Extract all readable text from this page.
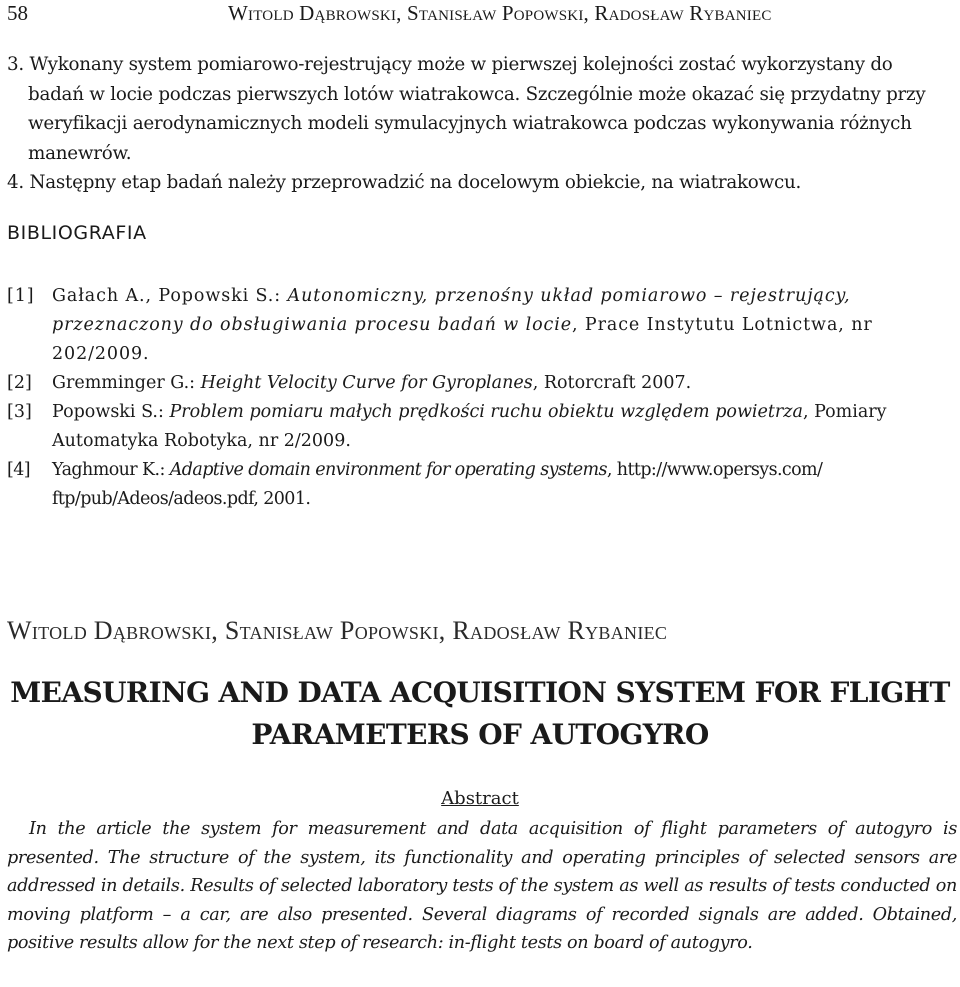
58	Witold Dąbrowski, Stanisław Popowski, Radosław Rybaniec

3. Wykonany system pomiarowo-rejestrujący może w pierwszej kolejności zostać wykorzystany do badań w locie podczas pierwszych lotów wiatrakowca. Szczególnie może okazać się przydatny przy weryfikacji aerodynamicznych modeli symulacyjnych wiatrakowca podczas wykonywania różnych manewrów.

4. Następny etap badań należy przeprowadzić na docelowym obiekcie, na wiatrakowcu.

BIBLIOGRAFIA
[1] Gałach A., Popowski S.: Autonomiczny, przenośny układ pomiarowo – rejestrujący, przeznaczony do obsługiwania procesu badań w locie, Prace Instytutu Lotnictwa, nr 202/2009.
[2] Gremminger G.: Height Velocity Curve for Gyroplanes, Rotorcraft 2007.
[3] Popowski S.: Problem pomiaru małych prędkości ruchu obiektu względem powietrza, Pomiary Automatyka Robotyka, nr 2/2009.
[4] Yaghmour K.: Adaptive domain environment for operating systems, http://www.opersys.com/ ftp/pub/Adeos/adeos.pdf, 2001.
Witold Dąbrowski, Stanisław Popowski, Radosław Rybaniec
MEASURING AND DATA ACQUISITION SYSTEM FOR FLIGHT PARAMETERS OF AUTOGYRO
Abstract

In the article the system for measurement and data acquisition of flight parameters of autogyro is presented. The structure of the system, its functionality and operating principles of selected sensors are addressed in details. Results of selected laboratory tests of the system as well as results of tests conducted on moving platform – a car, are also presented. Several diagrams of recorded signals are added. Obtained, positive results allow for the next step of research: in-flight tests on board of autogyro.
